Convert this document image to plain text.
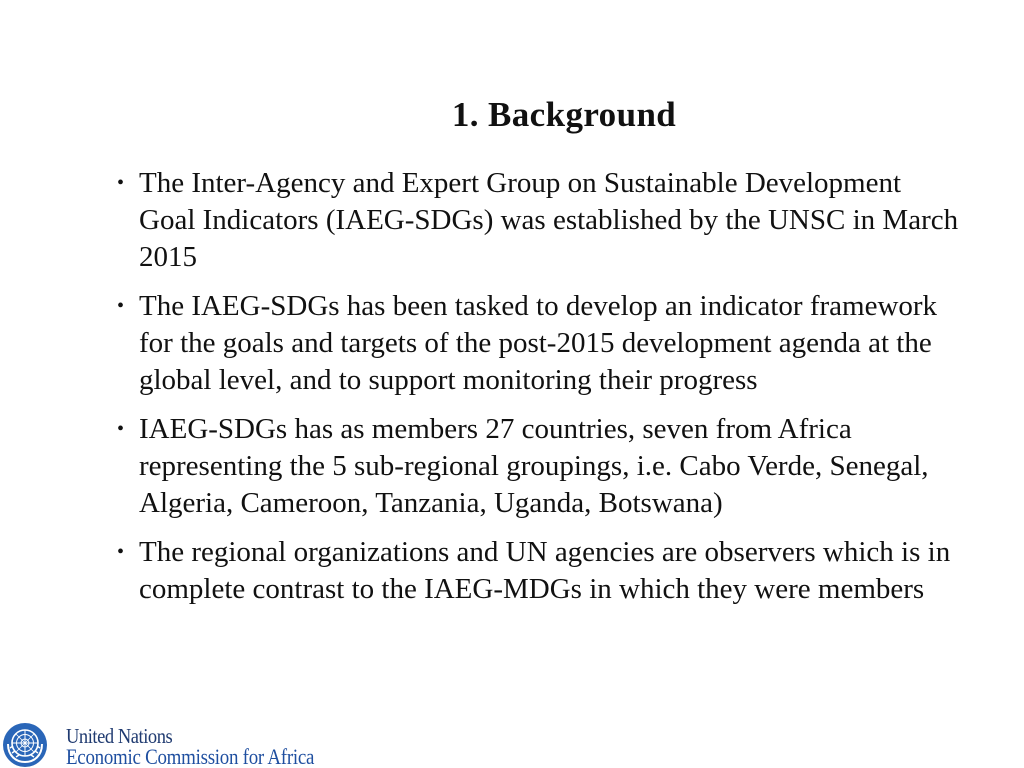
1. Background
• The Inter-Agency and Expert Group on Sustainable Development Goal Indicators (IAEG-SDGs) was established by the UNSC in March 2015
• The IAEG-SDGs has been tasked to develop an indicator framework for the goals and targets of the post-2015 development agenda at the global level, and to support monitoring their progress
• IAEG-SDGs has as members 27 countries, seven from Africa representing the 5 sub-regional groupings, i.e. Cabo Verde, Senegal, Algeria, Cameroon, Tanzania, Uganda, Botswana)
• The regional organizations and UN agencies are observers which is in complete contrast to the IAEG-MDGs in which they were members
United Nations
Economic Commission for Africa
